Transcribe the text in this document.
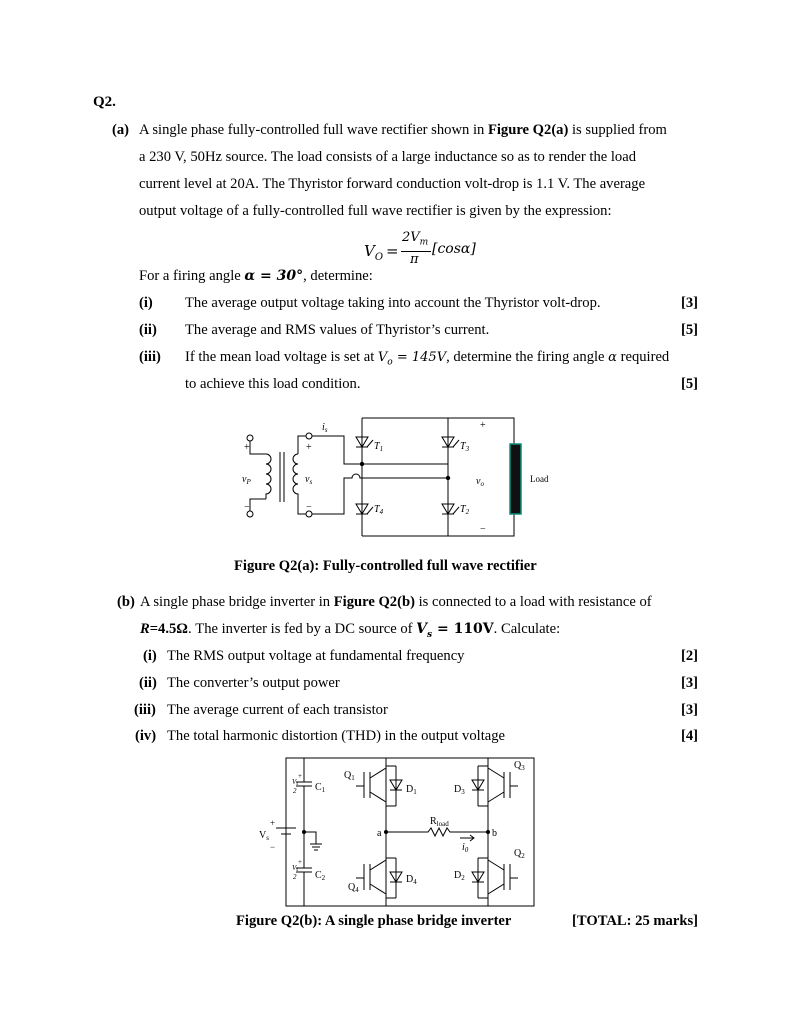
Q2.
(a) A single phase fully-controlled full wave rectifier shown in Figure Q2(a) is supplied from
a 230 V, 50Hz source. The load consists of a large inductance so as to render the load
current level at 20A. The Thyristor forward conduction volt-drop is 1.1 V. The average
output voltage of a fully-controlled full wave rectifier is given by the expression:
$V_O$ =
$2V_m$
π
[cosα]
For a firing angle α = 30°, determine:
(i) The average output voltage taking into account the Thyristor volt-drop.	[3]
(ii) The average and RMS values of Thyristor’s current.	[5]
(iii) If the mean load voltage is set at $V_o = 145V$, determine the firing angle α required
to achieve this load condition.	[5]
+
−
$v_P$
+
−
$v_s$
$i_s$
$T_1$
$T_4$
$T_3$
$T_2$
+
−
$v_o$	Load
Figure Q2(a): Fully-controlled full wave rectifier
(b) A single phase bridge inverter in Figure Q2(b) is connected to a load with resistance of
R=4.5Ω. The inverter is fed by a DC source of $V_s = 110V$. Calculate:
(i) The RMS output voltage at fundamental frequency	[2]
(ii) The converter’s output power	[3]
(iii) The average current of each transistor	[3]
(iv) The total harmonic distortion (THD) in the output voltage	[4]
$Q_1$
$Q_4$
$Q_3$
$Q_2$
$D_1$
$D_4$
$D_3$
$D_2$
$C_1$
$C_2$
$V_s$
+
−
Vs
2
+
Vs
2
+
a	b
$R_{load}$
$i_0$
Figure Q2(b): A single phase bridge inverter	[TOTAL: 25 marks]
